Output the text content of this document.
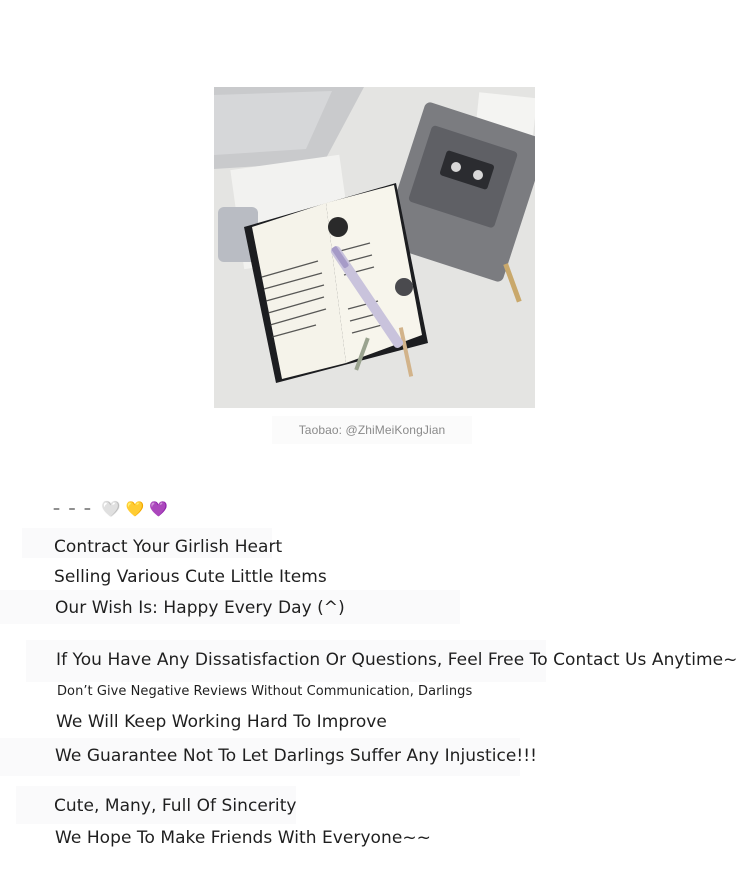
Taobao: @ZhiMeiKongJian
– – – 🤍 💛 💜
Contract Your Girlish Heart
Selling Various Cute Little Items
Our Wish Is: Happy Every Day (^)
If You Have Any Dissatisfaction Or Questions, Feel Free To Contact Us Anytime~
Don’t Give Negative Reviews Without Communication, Darlings
We Will Keep Working Hard To Improve
We Guarantee Not To Let Darlings Suffer Any Injustice!!!
Cute, Many, Full Of Sincerity
We Hope To Make Friends With Everyone~~
